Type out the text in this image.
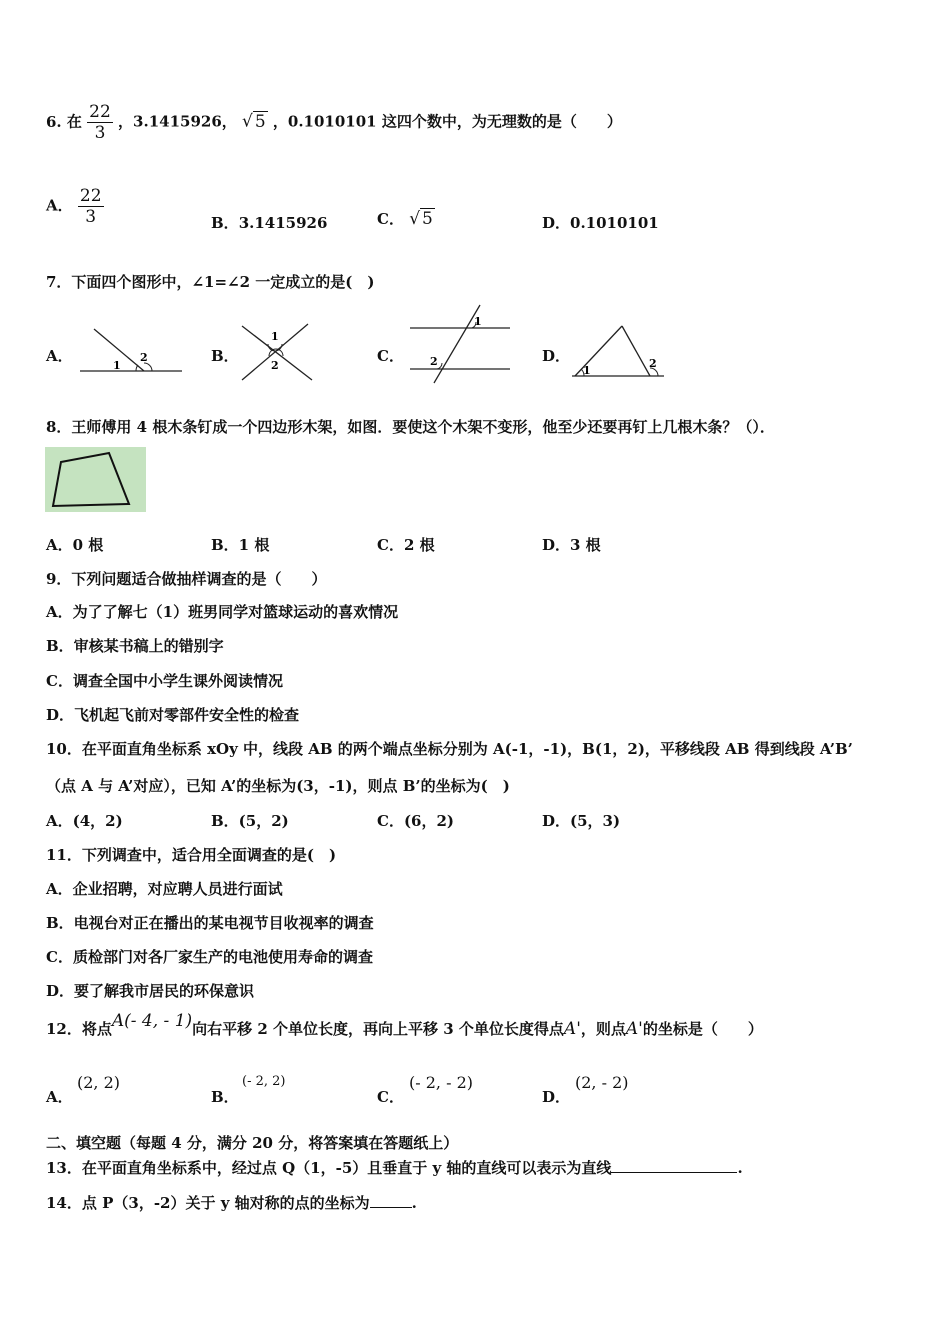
6. 在 $\frac{22}{3}$ ，3.1415926， √ 5 ，0.1010101 这四个数中，为无理数的是（　　）
A． $\frac{22}{3}$	B．3.1415926	C． √ 5	D．0.1010101
7．下面四个图形中，∠1=∠2 一定成立的是(　)
A．
1
2	B．
1
2
C．
1
2	D．
1
2
8．王师傅用 4 根木条钉成一个四边形木架，如图．要使这个木架不变形，他至少还要再钉上几根木条？（）．
A．0 根	B．1 根	C．2 根	D．3 根
9．下列问题适合做抽样调查的是（　　）
A．为了了解七（1）班男同学对篮球运动的喜欢情况
B．审核某书稿上的错别字
C．调查全国中小学生课外阅读情况
D．飞机起飞前对零部件安全性的检查
10．在平面直角坐标系 xOy 中，线段 AB 的两个端点坐标分别为 A(-1，-1)，B(1，2)，平移线段 AB 得到线段 A’B’
（点 A 与 A’对应），已知 A’的坐标为(3，-1)，则点 B’的坐标为(　)
A．(4，2)	B．(5，2)	C．(6，2)	D．(5，3)
11．下列调查中，适合用全面调查的是(　)
A．企业招聘，对应聘人员进行面试
B．电视台对正在播出的某电视节目收视率的调查
C．质检部门对各厂家生产的电池使用寿命的调查
D．要了解我市居民的环保意识
12．将点A(- 4, - 1)向右平移 2 个单位长度，再向上平移 3 个单位长度得点A'，则点A'的坐标是（　　）
A．
(2, 2)
B．
(- 2, 2)
C．
(- 2, - 2)
D．
(2, - 2)
二、填空题（每题 4 分，满分 20 分，将答案填在答题纸上）
13．在平面直角坐标系中，经过点 Q（1，-5）且垂直于 y 轴的直线可以表示为直线	.
14．点 P（3，-2）关于 y 轴对称的点的坐标为	.
